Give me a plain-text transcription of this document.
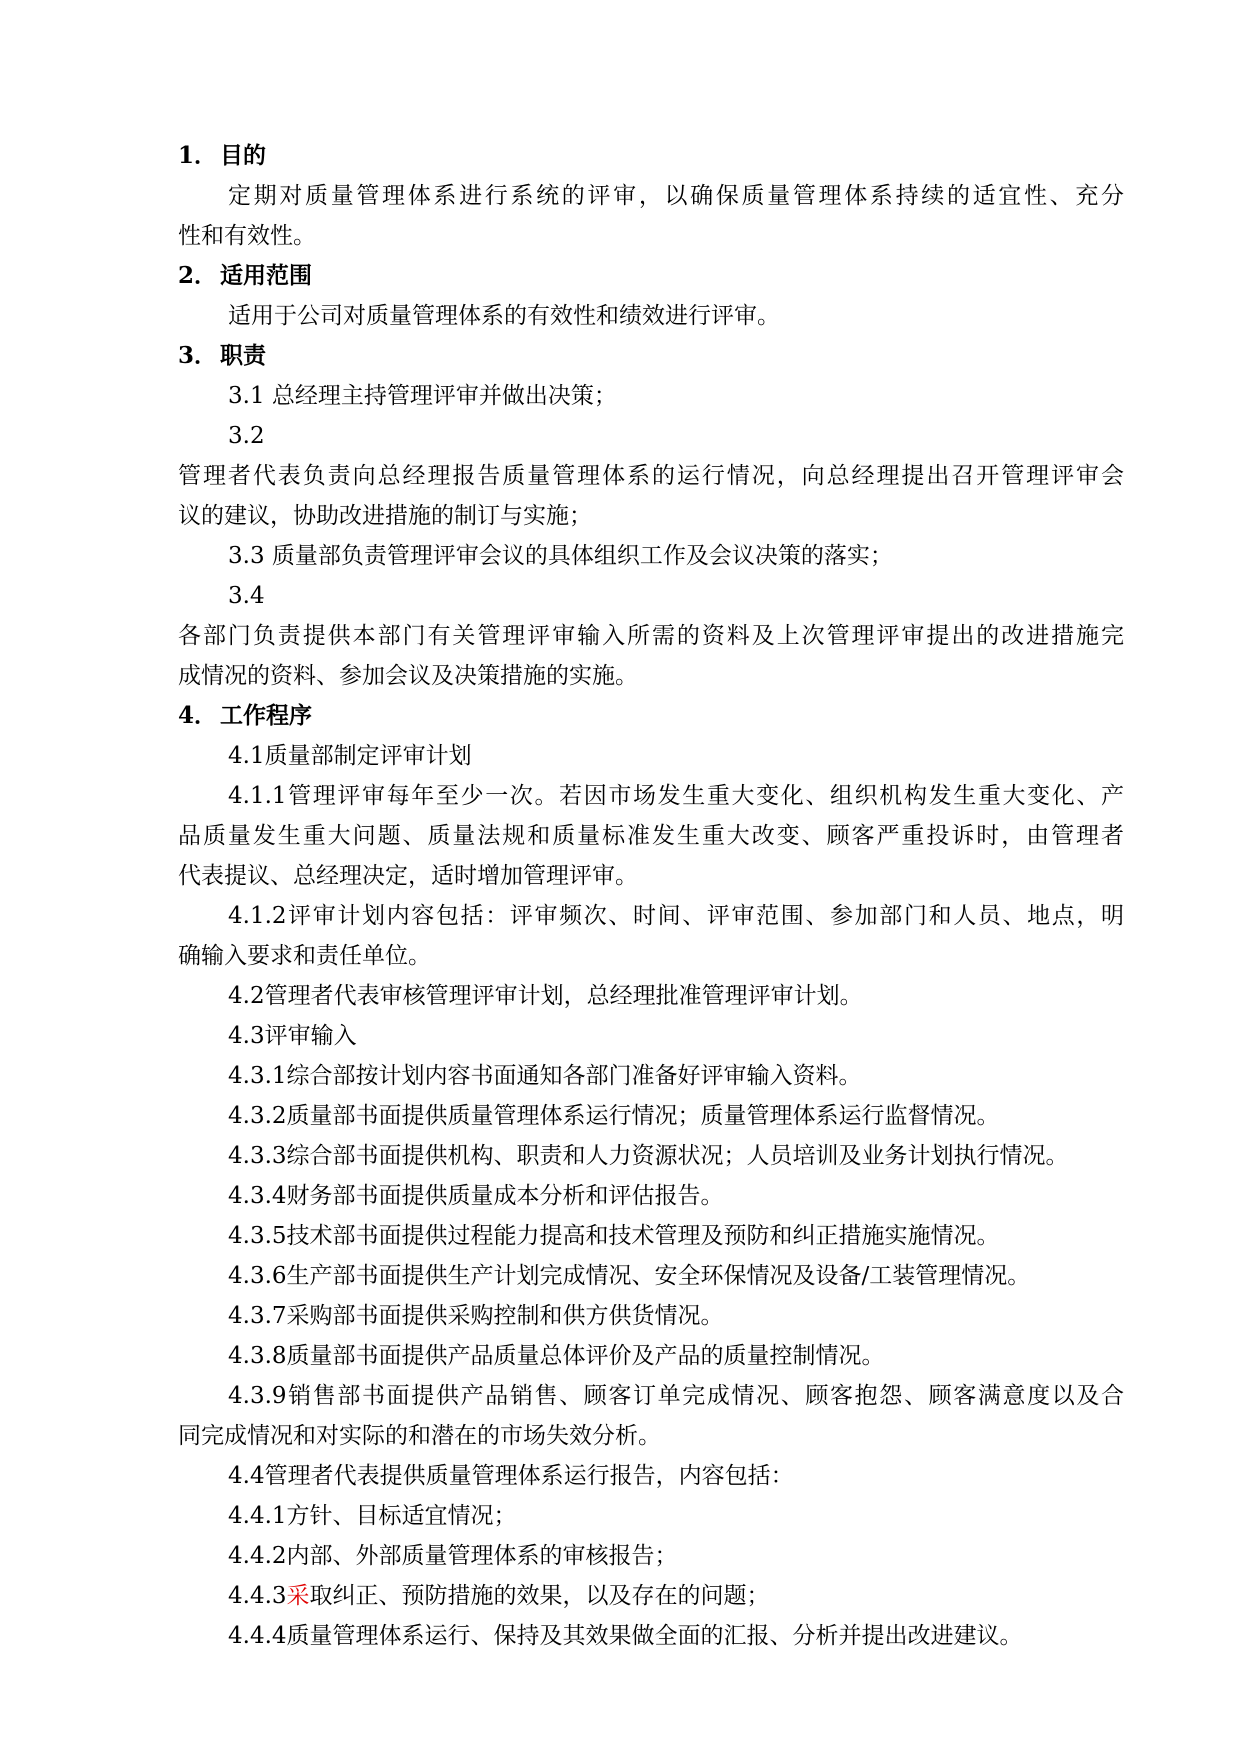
1． 目的
定期对质量管理体系进行系统的评审，以确保质量管理体系持续的适宜性、充分
性和有效性。
2． 适用范围
适用于公司对质量管理体系的有效性和绩效进行评审。
3． 职责
3.1 总经理主持管理评审并做出决策；
3.2
管理者代表负责向总经理报告质量管理体系的运行情况，向总经理提出召开管理评审会
议的建议，协助改进措施的制订与实施；
3.3 质量部负责管理评审会议的具体组织工作及会议决策的落实；
3.4
各部门负责提供本部门有关管理评审输入所需的资料及上次管理评审提出的改进措施完
成情况的资料、参加会议及决策措施的实施。
4． 工作程序
4.1质量部制定评审计划
4.1.1管理评审每年至少一次。若因市场发生重大变化、组织机构发生重大变化、产
品质量发生重大问题、质量法规和质量标准发生重大改变、顾客严重投诉时，由管理者
代表提议、总经理决定，适时增加管理评审。
4.1.2评审计划内容包括：评审频次、时间、评审范围、参加部门和人员、地点，明
确输入要求和责任单位。
4.2管理者代表审核管理评审计划，总经理批准管理评审计划。
4.3评审输入
4.3.1综合部按计划内容书面通知各部门准备好评审输入资料。
4.3.2质量部书面提供质量管理体系运行情况；质量管理体系运行监督情况。
4.3.3综合部书面提供机构、职责和人力资源状况；人员培训及业务计划执行情况。
4.3.4财务部书面提供质量成本分析和评估报告。
4.3.5技术部书面提供过程能力提高和技术管理及预防和纠正措施实施情况。
4.3.6生产部书面提供生产计划完成情况、安全环保情况及设备/工装管理情况。
4.3.7采购部书面提供采购控制和供方供货情况。
4.3.8质量部书面提供产品质量总体评价及产品的质量控制情况。
4.3.9销售部书面提供产品销售、顾客订单完成情况、顾客抱怨、顾客满意度以及合
同完成情况和对实际的和潜在的市场失效分析。
4.4管理者代表提供质量管理体系运行报告，内容包括：
4.4.1方针、目标适宜情况；
4.4.2内部、外部质量管理体系的审核报告；
4.4.3采取纠正、预防措施的效果，以及存在的问题；
4.4.4质量管理体系运行、保持及其效果做全面的汇报、分析并提出改进建议。
